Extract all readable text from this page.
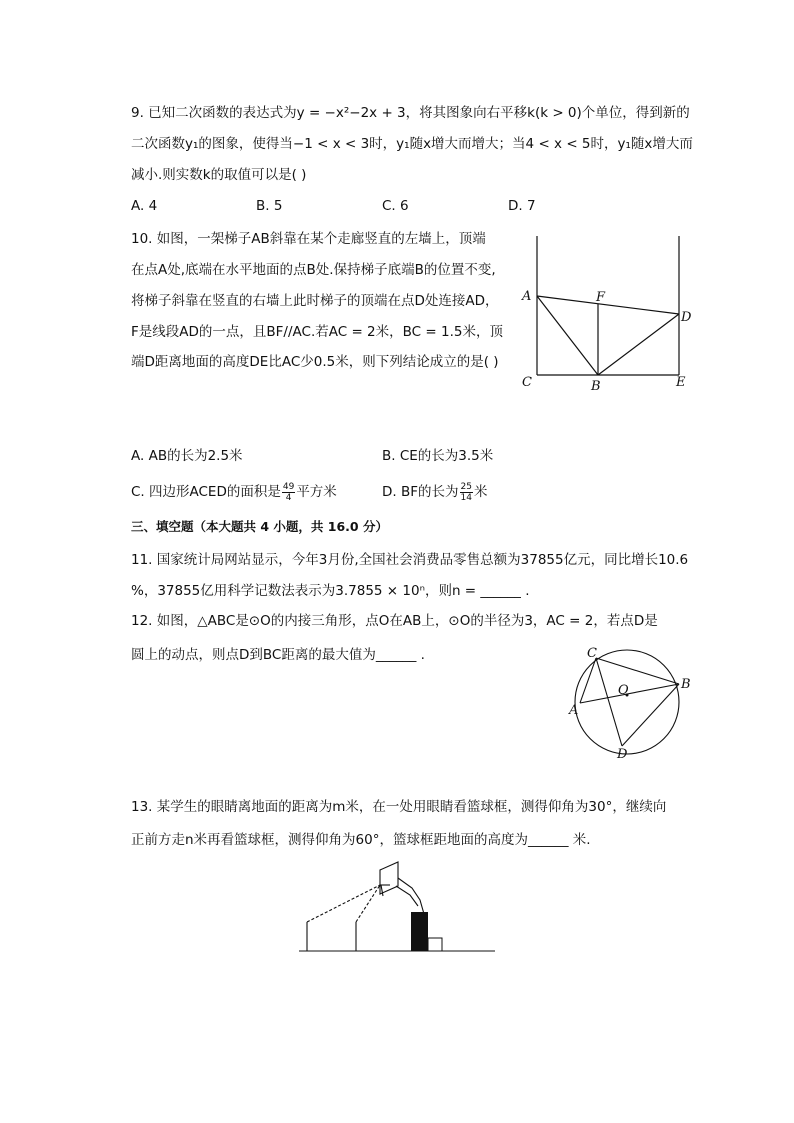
9. 已知二次函数的表达式为y = −x²−2x + 3，将其图象向右平移k(k > 0)个单位，得到新的
二次函数y₁的图象，使得当−1 < x < 3时，y₁随x增大而增大；当4 < x < 5时，y₁随x增大而
减小.则实数k的取值可以是( )
A. 4	B. 5	C. 6	D. 7
10. 如图，一架梯子AB斜靠在某个走廊竖直的左墙上，顶端
在点A处,底端在水平地面的点B处.保持梯子底端B的位置不变,
将梯子斜靠在竖直的右墙上此时梯子的顶端在点D处连接AD，
F是线段AD的一点，且BF//AC.若AC = 2米，BC = 1.5米，顶
端D距离地面的高度DE比AC少0.5米，则下列结论成立的是( )
A	F
D
C	B	E
A. AB的长为2.5米	B. CE的长为3.5米
C. 四边形ACED的面积是 $\frac{49}{4}$ 平方米	D. BF的长为 $\frac{25}{14}$ 米
三、填空题（本大题共 4 小题，共 16.0 分）
11. 国家统计局网站显示，今年3月份,全国社会消费品零售总额为37855亿元，同比增长10.6
%，37855亿用科学记数法表示为3.7855 × 10ⁿ，则n = ______ .
12. 如图，△ABC是⊙O的内接三角形，点O在AB上，⊙O的半径为3，AC = 2，若点D是
圆上的动点，则点D到BC距离的最大值为______ .	C
O	B
A
D
13. 某学生的眼睛离地面的距离为m米，在一处用眼睛看篮球框，测得仰角为30°，继续向
正前方走n米再看篮球框，测得仰角为60°，篮球框距地面的高度为______ 米.
